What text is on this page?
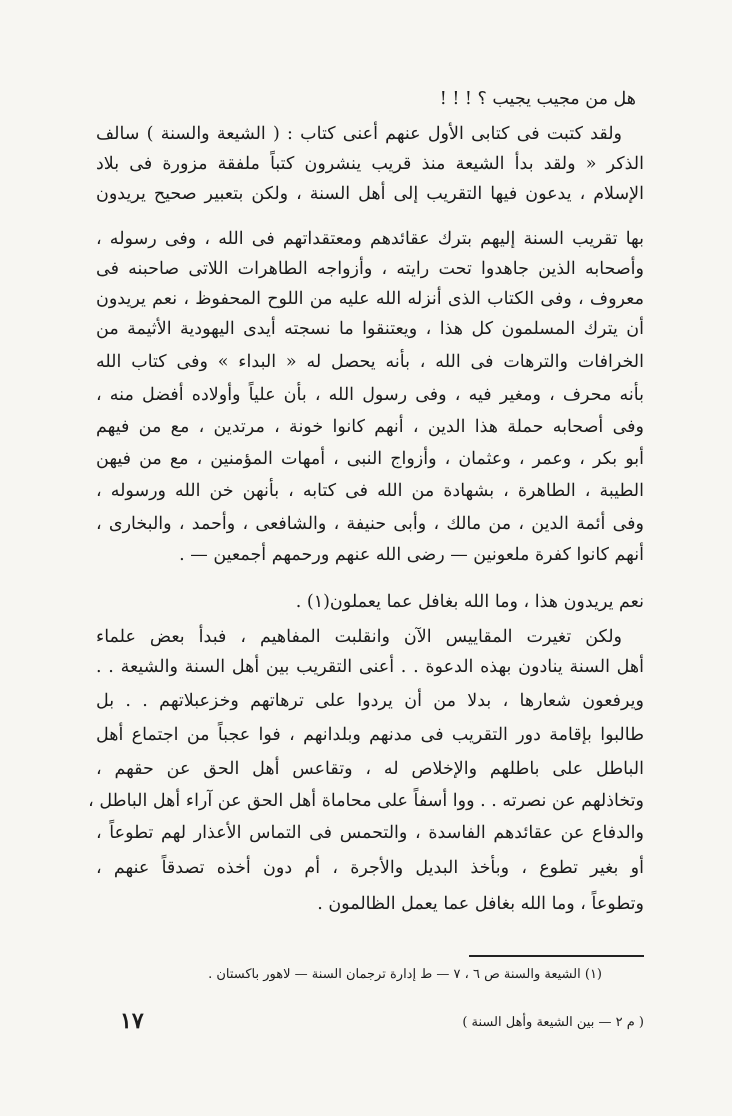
هل من مجيب يجيب ؟ ! ! !
ولقد كتبت فى كتابى الأول عنهم أعنى كتاب : ( الشيعة والسنة ) سالف
الذكر « ولقد بدأ الشيعة منذ قريب ينشرون كتباً ملفقة مزورة فى بلاد
الإسلام ، يدعون فيها التقريب إلى أهل السنة ، ولكن بتعبير صحيح يريدون
بها تقريب السنة إليهم بترك عقائدهم ومعتقداتهم فى الله ، وفى رسوله ،
وأصحابه الذين جاهدوا تحت رايته ، وأزواجه الطاهرات اللاتى صاحبنه فى
معروف ، وفى الكتاب الذى أنزله الله عليه من اللوح المحفوظ ، نعم يريدون
أن يترك المسلمون كل هذا ، ويعتنقوا ما نسجته أيدى اليهودية الأثيمة من
الخرافات والترهات فى الله ، بأنه يحصل له « البداء » وفى كتاب الله
بأنه محرف ، ومغير فيه ، وفى رسول الله ، بأن علياً وأولاده أفضل منه ،
وفى أصحابه حملة هذا الدين ، أنهم كانوا خونة ، مرتدين ، مع من فيهم
أبو بكر ، وعمر ، وعثمان ، وأزواج النبى ، أمهات المؤمنين ، مع من فيهن
الطيبة ، الطاهرة ، بشهادة من الله فى كتابه ، بأنهن خن الله ورسوله ،
وفى أئمة الدين ، من مالك ، وأبى حنيفة ، والشافعى ، وأحمد ، والبخارى ،
أنهم كانوا كفرة ملعونين — رضى الله عنهم ورحمهم أجمعين — .
نعم يريدون هذا ، وما الله بغافل عما يعملون(١) .
ولكن تغيرت المقاييس الآن وانقلبت المفاهيم ، فبدأ بعض علماء
أهل السنة ينادون بهذه الدعوة . . أعنى التقريب بين أهل السنة والشيعة . .
ويرفعون شعارها ، بدلا من أن يردوا على ترهاتهم وخزعبلاتهم . . بل
طالبوا بإقامة دور التقريب فى مدنهم وبلدانهم ، فوا عجباً من اجتماع أهل
الباطل على باطلهم والإخلاص له ، وتقاعس أهل الحق عن حقهم ،
وتخاذلهم عن نصرته . . ووا أسفاً على محاماة أهل الحق عن آراء أهل الباطل ،
والدفاع عن عقائدهم الفاسدة ، والتحمس فى التماس الأعذار لهم تطوعاً ،
أو بغير تطوع ، وبأخذ البديل والأجرة ، أم دون أخذه تصدقاً عنهم ،
وتطوعاً ، وما الله بغافل عما يعمل الظالمون .
(١) الشيعة والسنة ص ٦ ، ٧ — ط إدارة ترجمان السنة — لاهور باكستان .
١٧	( م ٢ — بين الشيعة وأهل السنة )
